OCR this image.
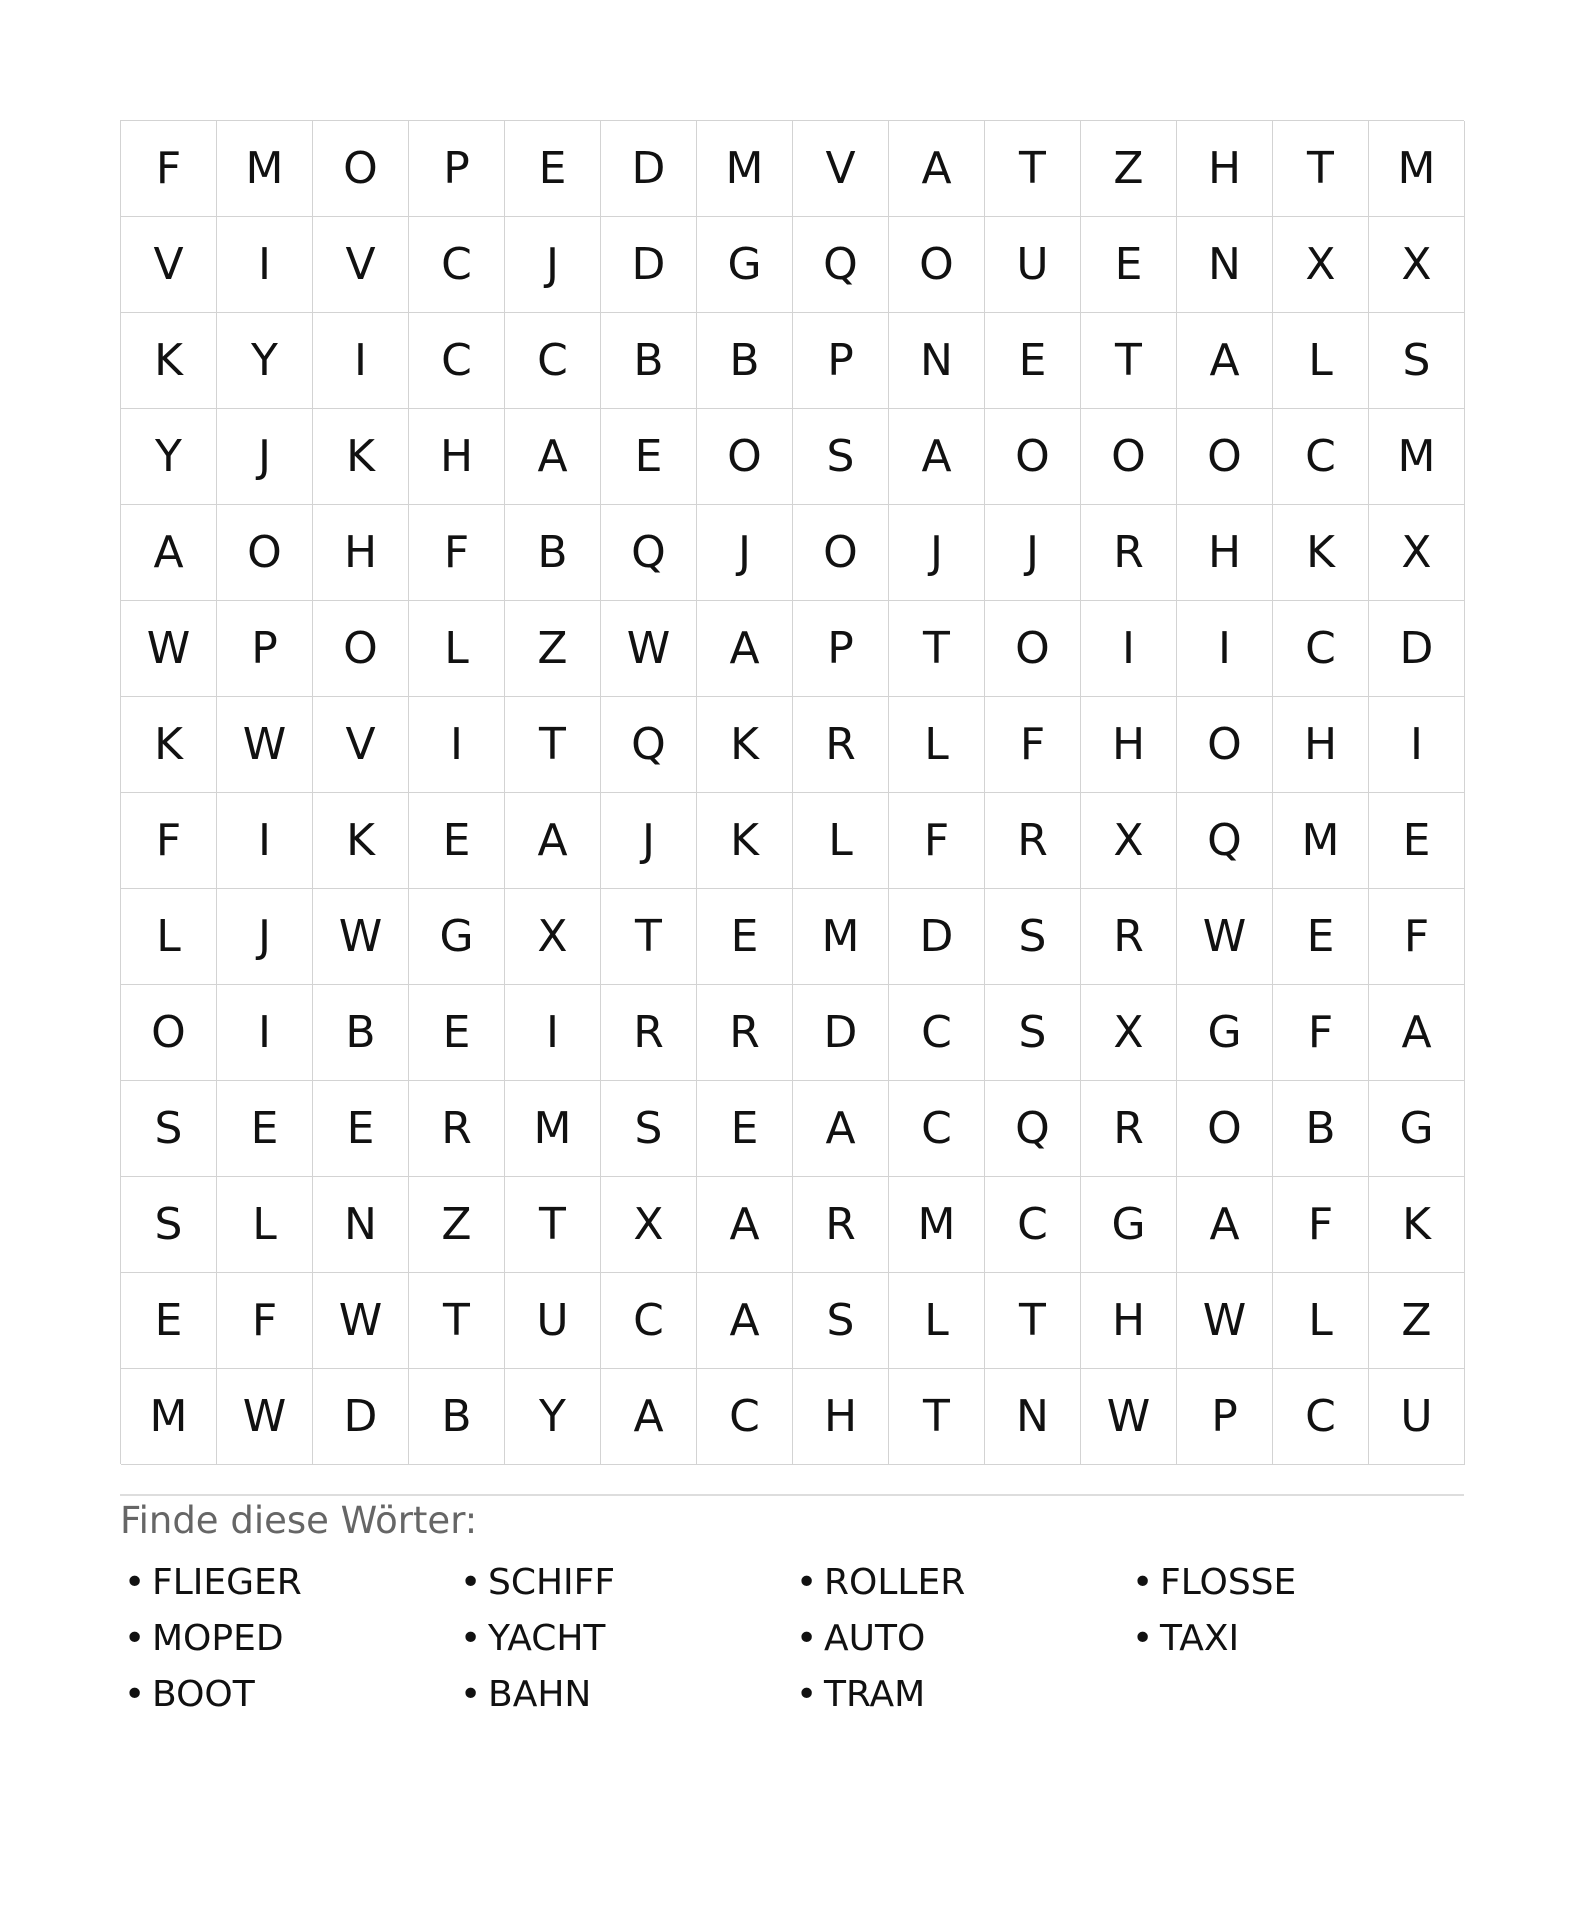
F	M	O	P	E	D	M	V	A	T	Z	H	T	M
V	I	V	C	J	D	G	Q	O	U	E	N	X	X
K	Y	I	C	C	B	B	P	N	E	T	A	L	S
Y	J	K	H	A	E	O	S	A	O	O	O	C	M
A	O	H	F	B	Q	J	O	J	J	R	H	K	X
W	P	O	L	Z	W	A	P	T	O	I	I	C	D
K	W	V	I	T	Q	K	R	L	F	H	O	H	I
F	I	K	E	A	J	K	L	F	R	X	Q	M	E
L	J	W	G	X	T	E	M	D	S	R	W	E	F
O	I	B	E	I	R	R	D	C	S	X	G	F	A
S	E	E	R	M	S	E	A	C	Q	R	O	B	G
S	L	N	Z	T	X	A	R	M	C	G	A	F	K
E	F	W	T	U	C	A	S	L	T	H	W	L	Z
M	W	D	B	Y	A	C	H	T	N	W	P	C	U
Finde diese Wörter:
• FLIEGER	• SCHIFF	• ROLLER	• FLOSSE
• MOPED	• YACHT	• AUTO	• TAXI
• BOOT	• BAHN	• TRAM
